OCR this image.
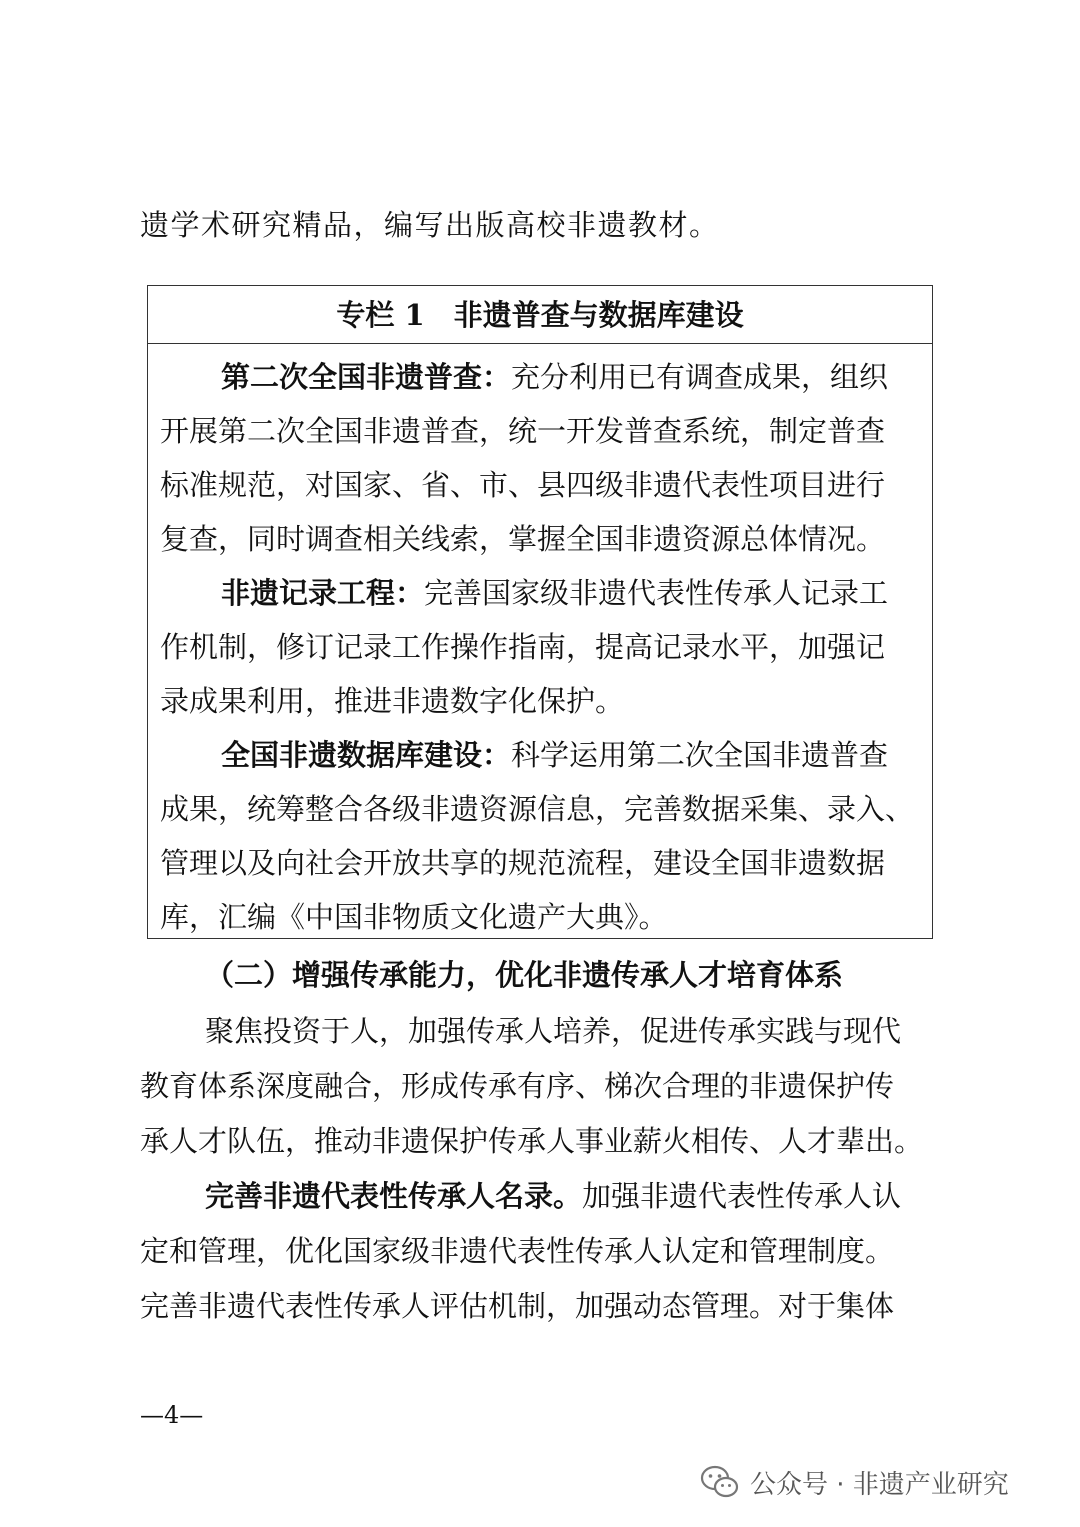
遗学术研究精品，编写出版高校非遗教材。
专栏 1　非遗普查与数据库建设
第二次全国非遗普查：充分利用已有调查成果，组织
开展第二次全国非遗普查，统一开发普查系统，制定普查
标准规范，对国家、省、市、县四级非遗代表性项目进行
复查，同时调查相关线索，掌握全国非遗资源总体情况。
非遗记录工程：完善国家级非遗代表性传承人记录工
作机制，修订记录工作操作指南，提高记录水平，加强记
录成果利用，推进非遗数字化保护。
全国非遗数据库建设：科学运用第二次全国非遗普查
成果，统筹整合各级非遗资源信息，完善数据采集、录入、
管理以及向社会开放共享的规范流程，建设全国非遗数据
库，汇编《中国非物质文化遗产大典》。
（二）增强传承能力，优化非遗传承人才培育体系
聚焦投资于人，加强传承人培养，促进传承实践与现代
教育体系深度融合，形成传承有序、梯次合理的非遗保护传
承人才队伍，推动非遗保护传承人事业薪火相传、人才辈出。
完善非遗代表性传承人名录。加强非遗代表性传承人认
定和管理，优化国家级非遗代表性传承人认定和管理制度。
完善非遗代表性传承人评估机制，加强动态管理。对于集体
—4—
公众号 · 非遗产业研究
